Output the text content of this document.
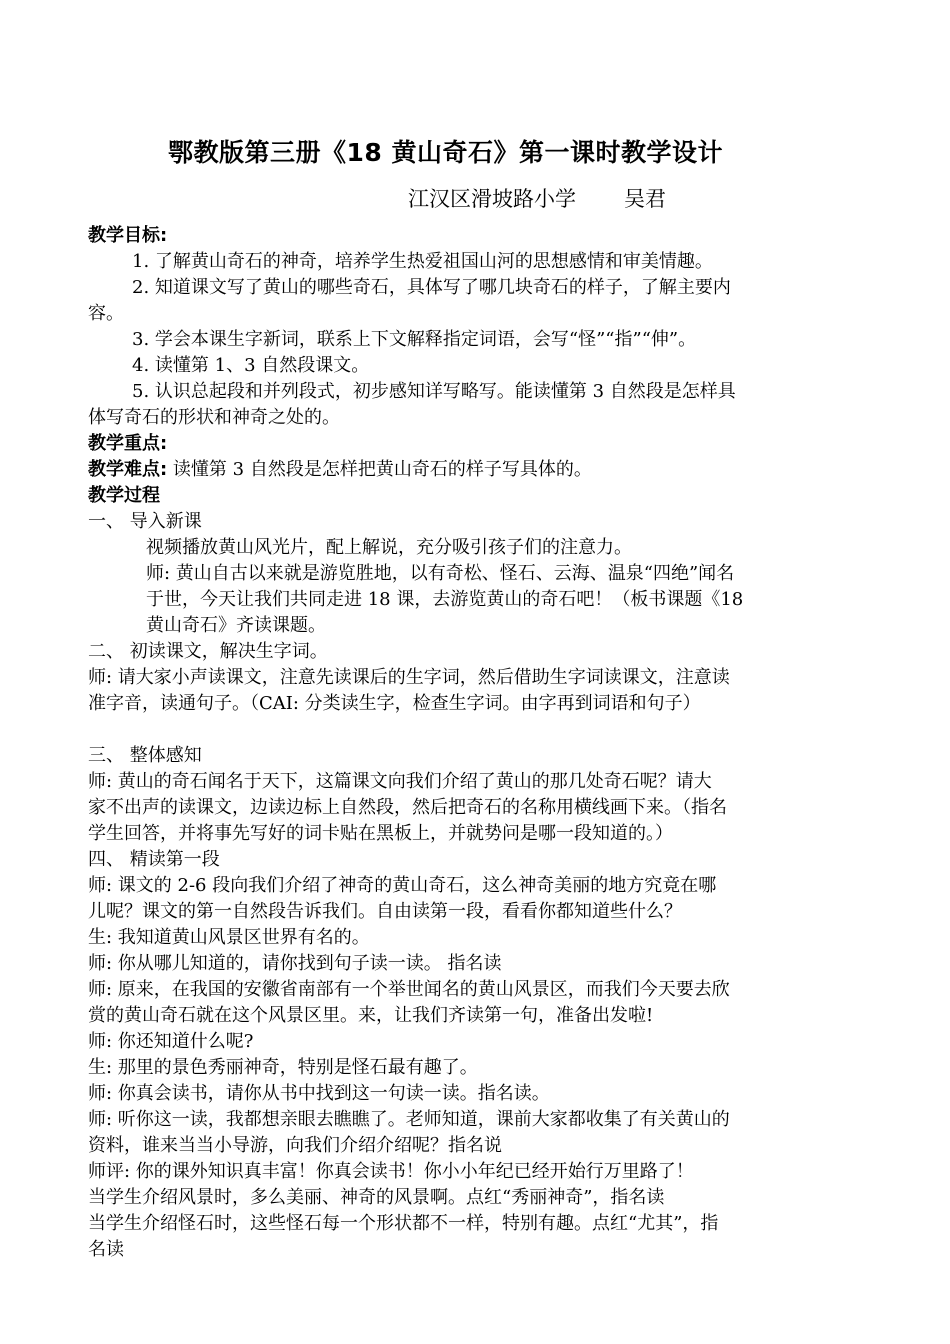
鄂教版第三册《18 黄山奇石》第一课时教学设计
江汉区滑坡路小学 吴君
教学目标:
1. 了解黄山奇石的神奇，培养学生热爱祖国山河的思想感情和审美情趣。
2. 知道课文写了黄山的哪些奇石，具体写了哪几块奇石的样子，了解主要内
容。
3. 学会本课生字新词，联系上下文解释指定词语，会写“怪”“指”“伸”。
4. 读懂第 1、3 自然段课文。
5. 认识总起段和并列段式，初步感知详写略写。能读懂第 3 自然段是怎样具
体写奇石的形状和神奇之处的。
教学重点:
教学难点: 读懂第 3 自然段是怎样把黄山奇石的样子写具体的。
教学过程
一、 导入新课
视频播放黄山风光片，配上解说，充分吸引孩子们的注意力。
师: 黄山自古以来就是游览胜地，以有奇松、怪石、云海、温泉“四绝”闻名
于世，今天让我们共同走进 18 课，去游览黄山的奇石吧！（板书课题《18
黄山奇石》齐读课题。
二、 初读课文，解决生字词。
师: 请大家小声读课文，注意先读课后的生字词，然后借助生字词读课文，注意读
准字音，读通句子。（CAI: 分类读生字，检查生字词。由字再到词语和句子）
三、 整体感知
师: 黄山的奇石闻名于天下，这篇课文向我们介绍了黄山的那几处奇石呢？请大
家不出声的读课文，边读边标上自然段，然后把奇石的名称用横线画下来。（指名
学生回答，并将事先写好的词卡贴在黑板上，并就势问是哪一段知道的。）
四、 精读第一段
师: 课文的 2-6 段向我们介绍了神奇的黄山奇石，这么神奇美丽的地方究竟在哪
儿呢？课文的第一自然段告诉我们。自由读第一段，看看你都知道些什么？
生: 我知道黄山风景区世界有名的。
师: 你从哪儿知道的，请你找到句子读一读。 指名读
师: 原来，在我国的安徽省南部有一个举世闻名的黄山风景区，而我们今天要去欣
赏的黄山奇石就在这个风景区里。来，让我们齐读第一句，准备出发啦!
师: 你还知道什么呢?
生: 那里的景色秀丽神奇，特别是怪石最有趣了。
师: 你真会读书，请你从书中找到这一句读一读。指名读。
师: 听你这一读，我都想亲眼去瞧瞧了。老师知道，课前大家都收集了有关黄山的
资料，谁来当当小导游，向我们介绍介绍呢？指名说
师评: 你的课外知识真丰富！你真会读书！你小小年纪已经开始行万里路了！
当学生介绍风景时，多么美丽、神奇的风景啊。点红“秀丽神奇”，指名读
当学生介绍怪石时，这些怪石每一个形状都不一样，特别有趣。点红“尤其”，指
名读
